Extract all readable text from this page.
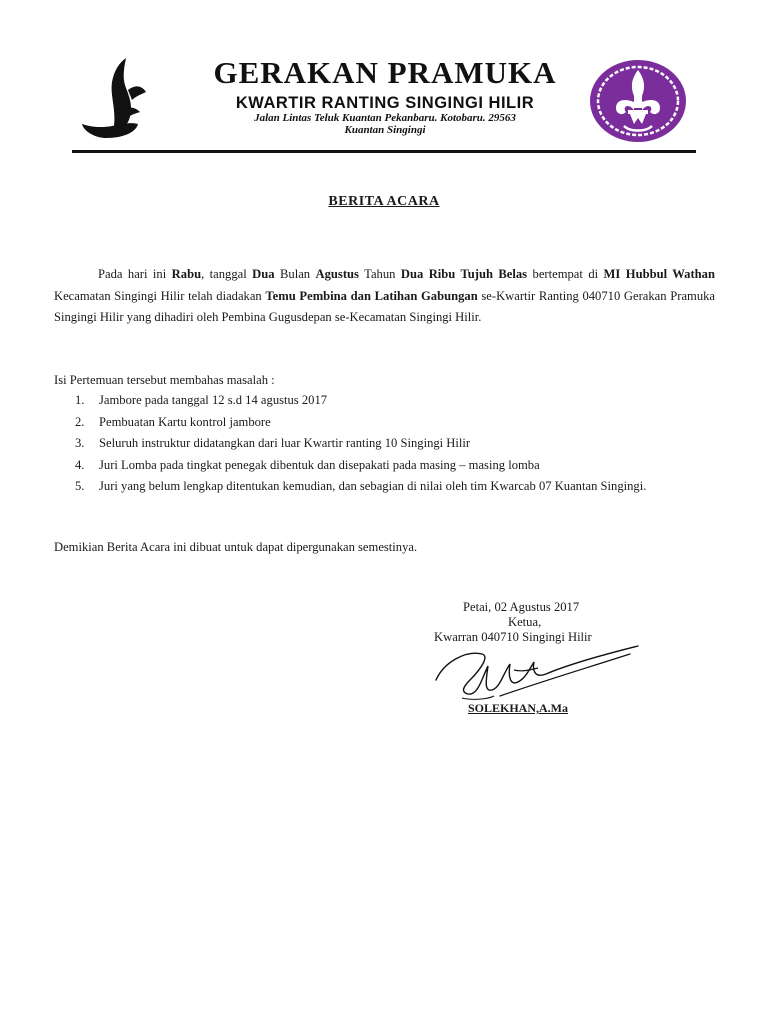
GERAKAN PRAMUKA
KWARTIR RANTING SINGINGI HILIR
Jalan Lintas Teluk Kuantan Pekanbaru. Kotobaru. 29563
Kuantan Singingi
BERITA ACARA
Pada hari ini Rabu, tanggal Dua Bulan Agustus Tahun Dua Ribu Tujuh Belas bertempat di MI Hubbul Wathan Kecamatan Singingi Hilir telah diadakan Temu Pembina dan Latihan Gabungan se-Kwartir Ranting 040710 Gerakan Pramuka Singingi Hilir yang dihadiri oleh Pembina Gugusdepan se-Kecamatan Singingi Hilir.
Isi Pertemuan tersebut membahas masalah :
1. Jambore pada tanggal 12 s.d 14 agustus 2017
2. Pembuatan Kartu kontrol jambore
3. Seluruh instruktur didatangkan dari luar Kwartir ranting 10 Singingi Hilir
4. Juri Lomba pada tingkat penegak dibentuk dan disepakati pada masing – masing lomba
5. Juri yang belum lengkap ditentukan kemudian, dan sebagian di nilai oleh tim Kwarcab 07 Kuantan Singingi.
Demikian Berita Acara ini dibuat untuk dapat dipergunakan semestinya.
Petai, 02 Agustus 2017
Ketua,
Kwarran 040710 Singingi Hilir
SOLEKHAN,A.Ma
